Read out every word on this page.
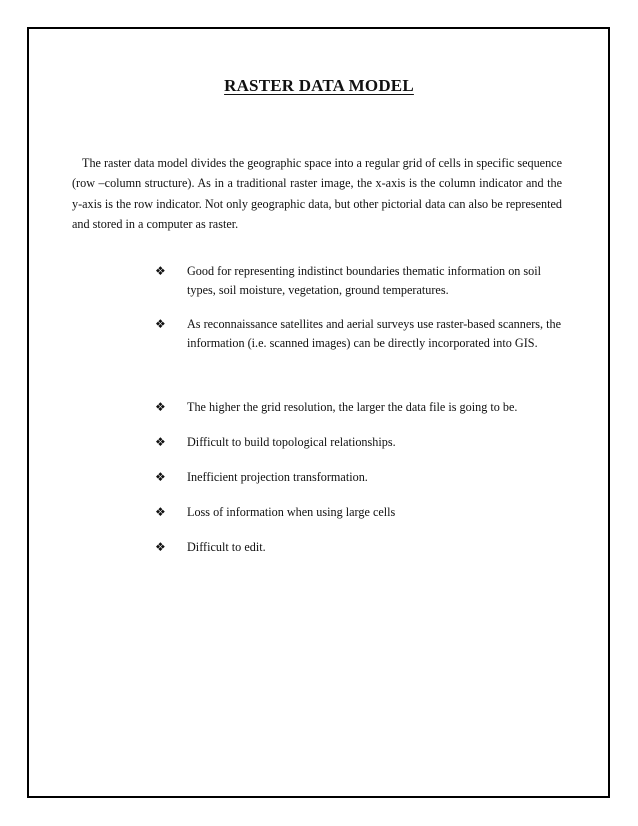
RASTER DATA MODEL

The raster data model divides the geographic space into a regular grid of cells in specific sequence (row –column structure). As in a traditional raster image, the x-axis is the column indicator and the y-axis is the row indicator. Not only geographic data, but other pictorial data can also be represented and stored in a computer as raster.

❖ Good for representing indistinct boundaries thematic information on soil types, soil moisture, vegetation, ground temperatures.
❖ As reconnaissance satellites and aerial surveys use raster-based scanners, the information (i.e. scanned images) can be directly incorporated into GIS.
❖ The higher the grid resolution, the larger the data file is going to be.
❖ Difficult to build topological relationships.
❖ Inefficient projection transformation.
❖ Loss of information when using large cells
❖ Difficult to edit.
